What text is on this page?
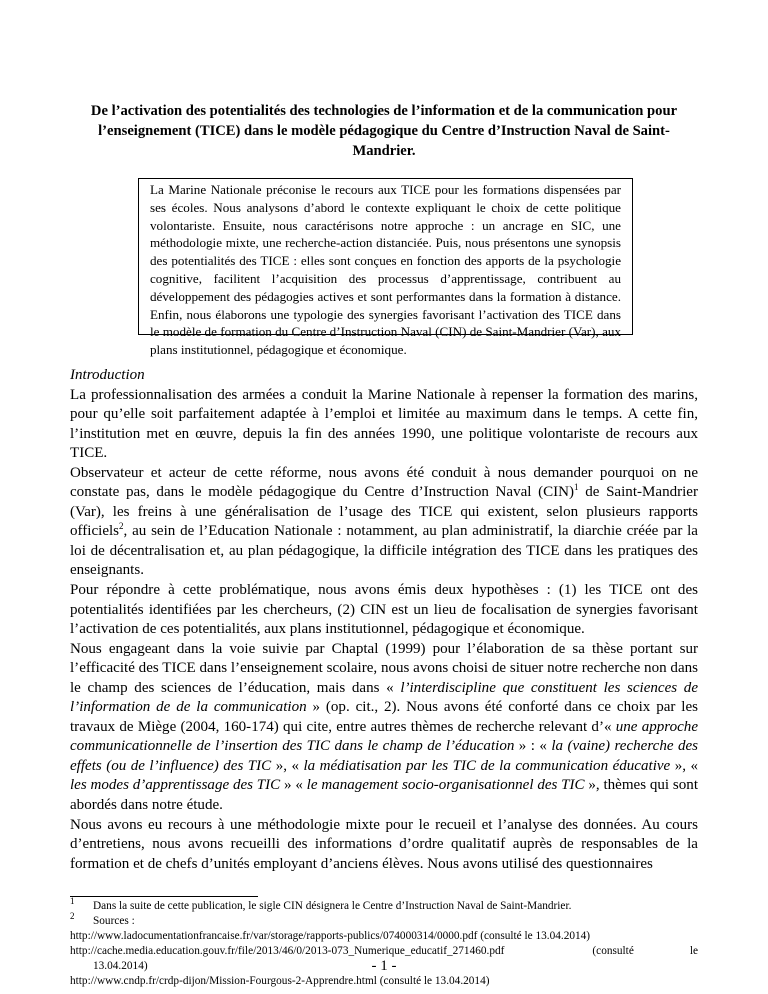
De l’activation des potentialités des technologies de l’information et de la communication pour l’enseignement (TICE) dans le modèle pédagogique du Centre d’Instruction Naval de Saint-Mandrier.

La Marine Nationale préconise le recours aux TICE pour les formations dispensées par ses écoles. Nous analysons d’abord le contexte expliquant le choix de cette politique volontariste. Ensuite, nous caractérisons notre approche : un ancrage en SIC, une méthodologie mixte, une recherche-action distanciée. Puis, nous présentons une synopsis des potentialités des TICE : elles sont conçues en fonction des apports de la psychologie cognitive, facilitent l’acquisition des processus d’apprentissage, contribuent au développement des pédagogies actives et sont performantes dans la formation à distance. Enfin, nous élaborons une typologie des synergies favorisant l’activation des TICE dans le modèle de formation du Centre d’Instruction Naval (CIN) de Saint-Mandrier (Var), aux plans institutionnel, pédagogique et économique.

Introduction

La professionnalisation des armées a conduit la Marine Nationale à repenser la formation des marins, pour qu’elle soit parfaitement adaptée à l’emploi et limitée au maximum dans le temps. A cette fin, l’institution met en œuvre, depuis la fin des années 1990, une politique volontariste de recours aux TICE.

Observateur et acteur de cette réforme, nous avons été conduit à nous demander pourquoi on ne constate pas, dans le modèle pédagogique du Centre d’Instruction Naval (CIN)$^1$ de Saint-Mandrier (Var), les freins à une généralisation de l’usage des TICE qui existent, selon plusieurs rapports officiels$^2$, au sein de l’Education Nationale : notamment, au plan administratif, la diarchie créée par la loi de décentralisation et, au plan pédagogique, la difficile intégration des TICE dans les pratiques des enseignants.

Pour répondre à cette problématique, nous avons émis deux hypothèses : (1) les TICE ont des potentialités identifiées par les chercheurs, (2) CIN est un lieu de focalisation de synergies favorisant l’activation de ces potentialités, aux plans institutionnel, pédagogique et économique.

Nous engageant dans la voie suivie par Chaptal (1999) pour l’élaboration de sa thèse portant sur l’efficacité des TICE dans l’enseignement scolaire, nous avons choisi de situer notre recherche non dans le champ des sciences de l’éducation, mais dans « l’interdiscipline que constituent les sciences de l’information de de la communication » (op. cit., 2). Nous avons été conforté dans ce choix par les travaux de Miège (2004, 160-174) qui cite, entre autres thèmes de recherche relevant d’« une approche communicationnelle de l’insertion des TIC dans le champ de l’éducation » : « la (vaine) recherche des effets (ou de l’influence) des TIC », « la médiatisation par les TIC de la communication éducative », « les modes d’apprentissage des TIC » « le management socio-organisationnel des TIC », thèmes qui sont abordés dans notre étude.

Nous avons eu recours à une méthodologie mixte pour le recueil et l’analyse des données. Au cours d’entretiens, nous avons recueilli des informations d’ordre qualitatif auprès de responsables de la formation et de chefs d’unités employant d’anciens élèves. Nous avons utilisé des questionnaires

$^1$ Dans la suite de cette publication, le sigle CIN désignera le Centre d’Instruction Naval de Saint-Mandrier.

$^2$ Sources :

http://www.ladocumentationfrancaise.fr/var/storage/rapports-publics/074000314/0000.pdf (consulté le 13.04.2014)

http://cache.media.education.gouv.fr/file/2013/46/0/2013-073_Numerique_educatif_271460.pdf	(consulté	le

13.04.2014)

http://www.cndp.fr/crdp-dijon/Mission-Fourgous-2-Apprendre.html (consulté le 13.04.2014)

- 1 -
